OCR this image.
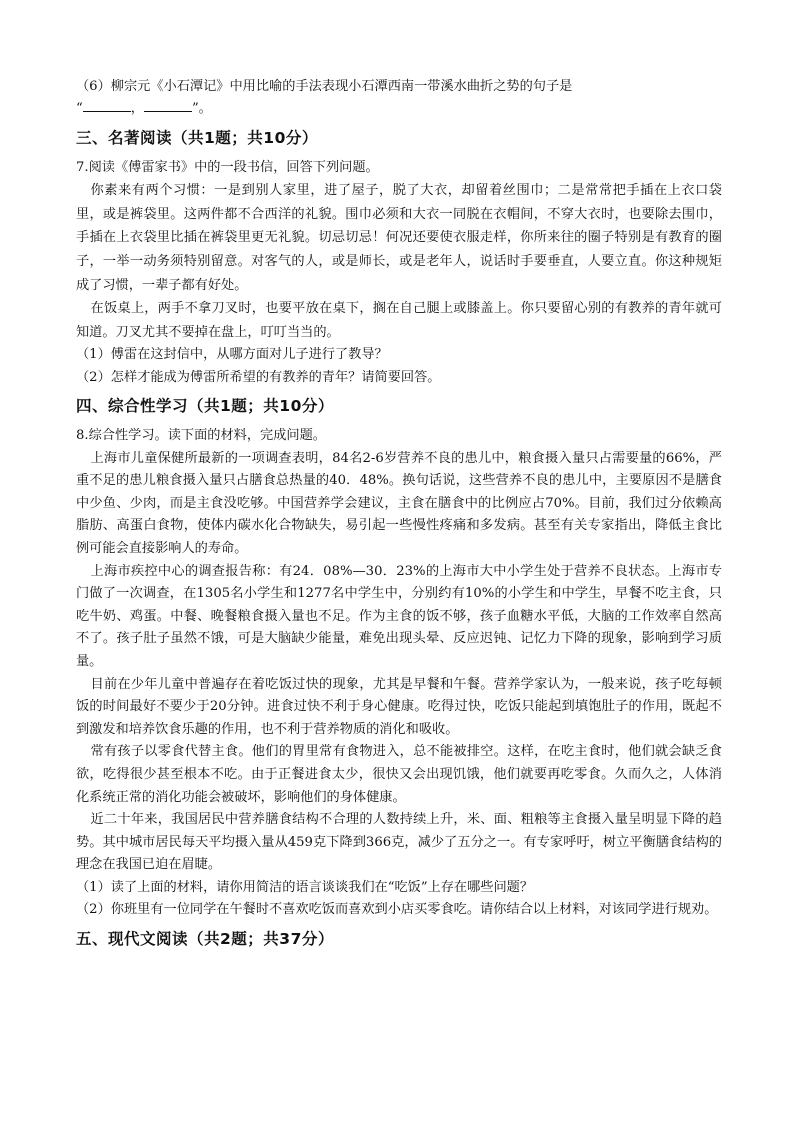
（6）柳宗元《小石潭记》中用比喻的手法表现小石潭西南一带溪水曲折之势的句子是

“	，	”。

三、名著阅读（共1题；共10分）

7.阅读《傅雷家书》中的一段书信，回答下列问题。

你素来有两个习惯：一是到别人家里，进了屋子，脱了大衣，却留着丝围巾；二是常常把手插在上衣口袋里，或是裤袋里。这两件都不合西洋的礼貌。围巾必须和大衣一同脱在衣帽间，不穿大衣时，也要除去围巾，手插在上衣袋里比插在裤袋里更无礼貌。切忌切忌！何况还要使衣服走样，你所来往的圈子特别是有教育的圈子，一举一动务须特别留意。对客气的人，或是师长，或是老年人，说话时手要垂直，人要立直。你这种规矩成了习惯，一辈子都有好处。

在饭桌上，两手不拿刀叉时，也要平放在桌下，搁在自己腿上或膝盖上。你只要留心别的有教养的青年就可知道。刀叉尤其不要掉在盘上，叮叮当当的。

（1）傅雷在这封信中，从哪方面对儿子进行了教导？

（2）怎样才能成为傅雷所希望的有教养的青年？请简要回答。

四、综合性学习（共1题；共10分）

8.综合性学习。读下面的材料，完成问题。

上海市儿童保健所最新的一项调查表明，84名2-6岁营养不良的患儿中，粮食摄入量只占需要量的66%，严重不足的患儿粮食摄入量只占膳食总热量的40．48%。换句话说，这些营养不良的患儿中，主要原因不是膳食中少鱼、少肉，而是主食没吃够。中国营养学会建议，主食在膳食中的比例应占70%。目前，我们过分依赖高脂肪、高蛋白食物，使体内碳水化合物缺失，易引起一些慢性疼痛和多发病。甚至有关专家指出，降低主食比例可能会直接影响人的寿命。

上海市疾控中心的调查报告称：有24．08%—30．23%的上海市大中小学生处于营养不良状态。上海市专门做了一次调查，在1305名小学生和1277名中学生中，分别约有10%的小学生和中学生，早餐不吃主食，只吃牛奶、鸡蛋。中餐、晚餐粮食摄入量也不足。作为主食的饭不够，孩子血糖水平低，大脑的工作效率自然高不了。孩子肚子虽然不饿，可是大脑缺少能量，难免出现头晕、反应迟钝、记忆力下降的现象，影响到学习质量。

目前在少年儿童中普遍存在着吃饭过快的现象，尤其是早餐和午餐。营养学家认为，一般来说，孩子吃每顿饭的时间最好不要少于20分钟。进食过快不利于身心健康。吃得过快，吃饭只能起到填饱肚子的作用，既起不到激发和培养饮食乐趣的作用，也不利于营养物质的消化和吸收。

常有孩子以零食代替主食。他们的胃里常有食物进入，总不能被排空。这样，在吃主食时，他们就会缺乏食欲，吃得很少甚至根本不吃。由于正餐进食太少，很快又会出现饥饿，他们就要再吃零食。久而久之，人体消化系统正常的消化功能会被破坏，影响他们的身体健康。

近二十年来，我国居民中营养膳食结构不合理的人数持续上升，米、面、粗粮等主食摄入量呈明显下降的趋势。其中城市居民每天平均摄入量从459克下降到366克，减少了五分之一。有专家呼吁，树立平衡膳食结构的理念在我国已迫在眉睫。

（1）读了上面的材料，请你用简洁的语言谈谈我们在“吃饭”上存在哪些问题？

（2）你班里有一位同学在午餐时不喜欢吃饭而喜欢到小店买零食吃。请你结合以上材料，对该同学进行规劝。

五、现代文阅读（共2题；共37分）
